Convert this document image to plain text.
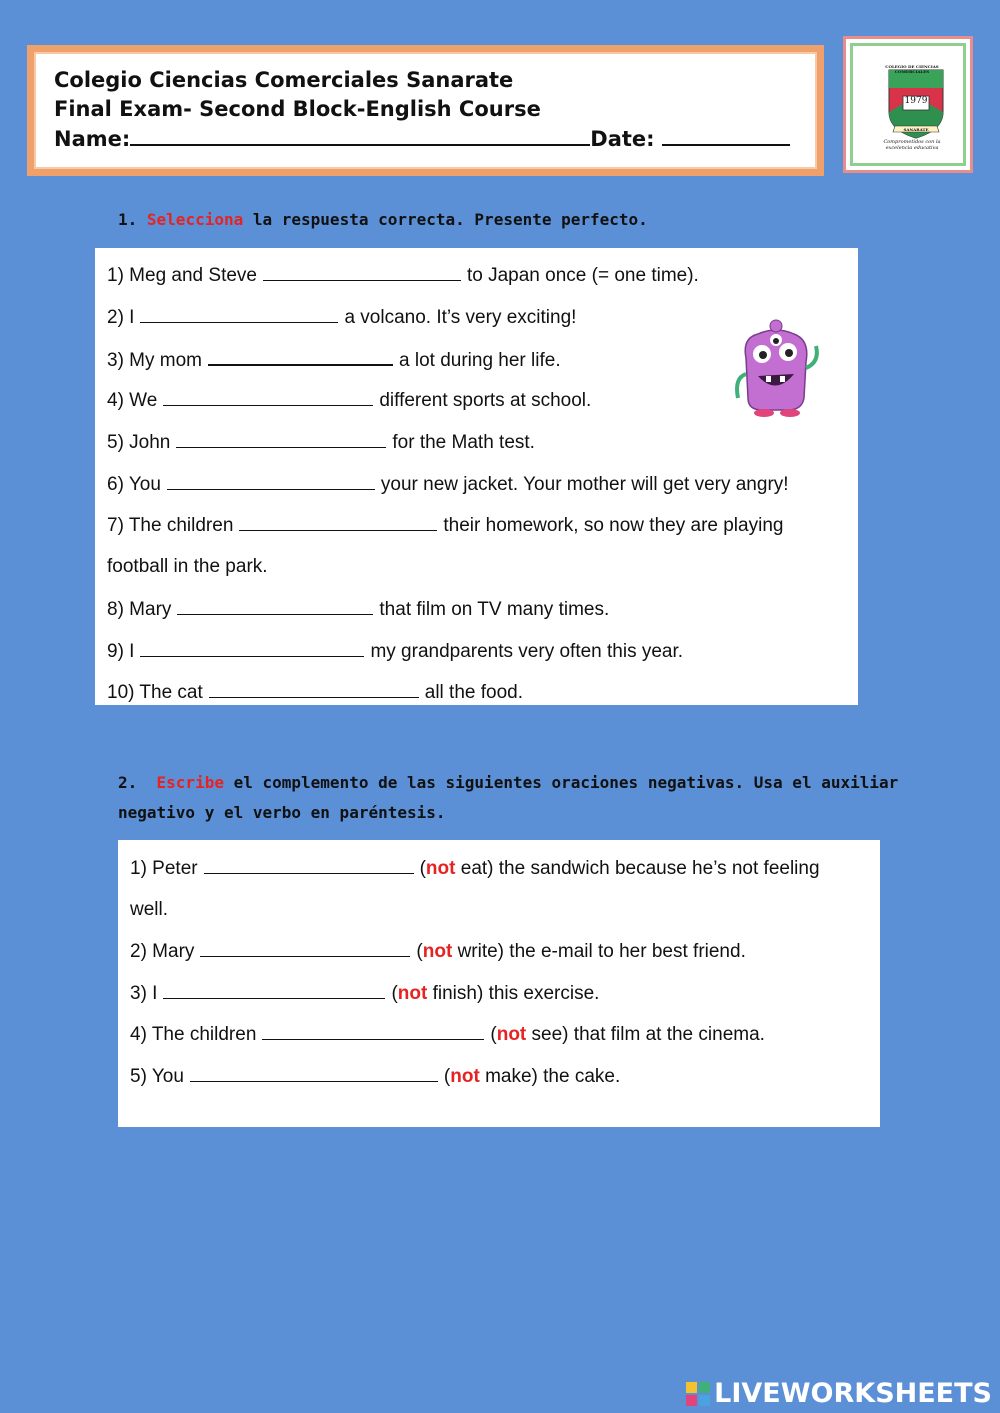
Colegio Ciencias Comerciales Sanarate
Final Exam- Second Block-English Course
Name:	Date:
COLEGIO DE CIENCIAS COMERCIALES
1979
SANARATE
Comprometidos con la excelencia educativa
1. Selecciona la respuesta correcta. Presente perfecto.
1) Meg and Steve	to Japan once (= one time).
2) I	a volcano. It’s very exciting!
3) My mom	a lot during her life.
4) We	different sports at school.
5) John	for the Math test.
6) You	your new jacket. Your mother will get very angry!
7) The children	their homework, so now they are playing
football in the park.
8) Mary	that film on TV many times.
9) I	my grandparents very often this year.
10) The cat	all the food.
2. Escribe el complemento de las siguientes oraciones negativas. Usa el auxiliar
negativo y el verbo en paréntesis.
1) Peter	(not eat) the sandwich because he’s not feeling
well.
2) Mary	(not write) the e-mail to her best friend.
3) I	(not finish) this exercise.
4) The children	(not see) that film at the cinema.
5) You	(not make) the cake.
LIVEWORKSHEETS
